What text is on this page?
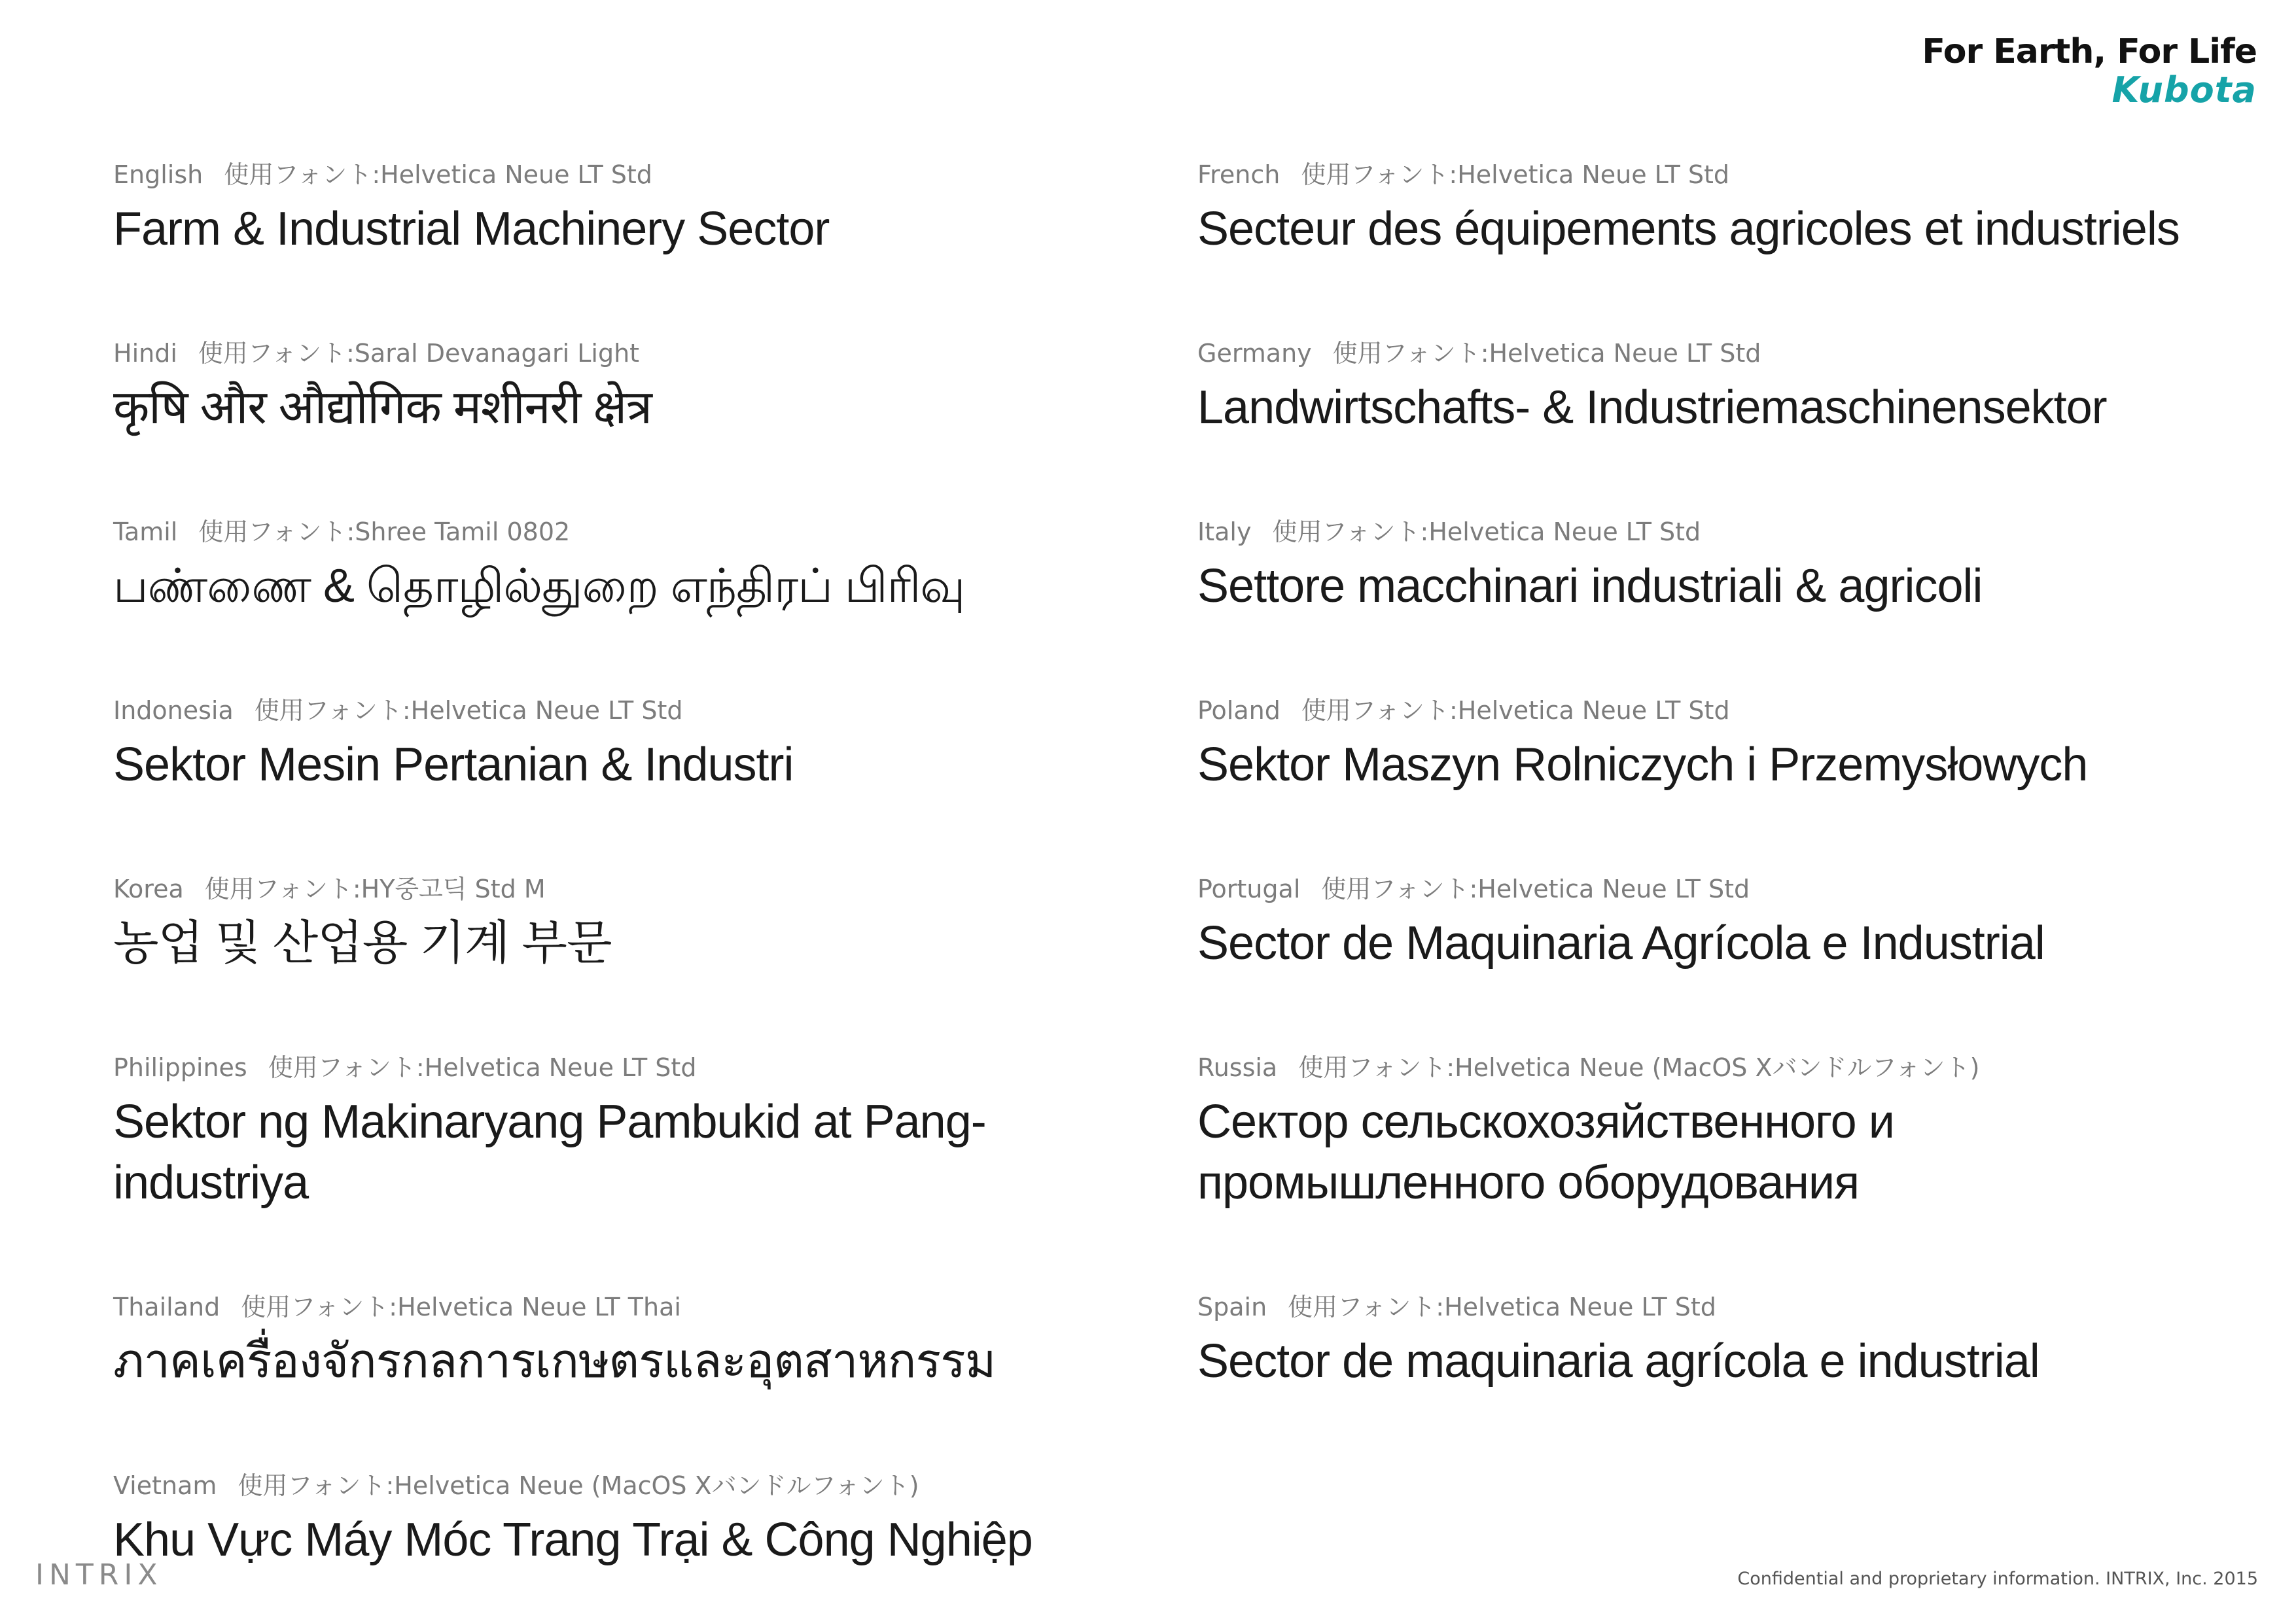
For Earth, For Life
Kubota
English 使用フォント:Helvetica Neue LT Std
Farm & Industrial Machinery Sector
Hindi 使用フォント:Saral Devanagari Light
कृषि और औद्योगिक मशीनरी क्षेत्र
Tamil 使用フォント:Shree Tamil 0802
பண்ணை & தொழில்துறை எந்திரப் பிரிவு
Indonesia 使用フォント:Helvetica Neue LT Std
Sektor Mesin Pertanian & Industri
Korea 使用フォント:HY중고딕 Std M
농업 및 산업용 기계 부문
Philippines 使用フォント:Helvetica Neue LT Std
Sektor ng Makinaryang Pambukid at Pang-industriya
Thailand 使用フォント:Helvetica Neue LT Thai
ภาคเครื่องจักรกลการเกษตรและอุตสาหกรรม
Vietnam 使用フォント:Helvetica Neue (MacOS Xバンドルフォント)
Khu Vực Máy Móc Trang Trại & Công Nghiệp
French 使用フォント:Helvetica Neue LT Std
Secteur des équipements agricoles et industriels
Germany 使用フォント:Helvetica Neue LT Std
Landwirtschafts- & Industriemaschinensektor
Italy 使用フォント:Helvetica Neue LT Std
Settore macchinari industriali & agricoli
Poland 使用フォント:Helvetica Neue LT Std
Sektor Maszyn Rolniczych i Przemysłowych
Portugal 使用フォント:Helvetica Neue LT Std
Sector de Maquinaria Agrícola e Industrial
Russia 使用フォント:Helvetica Neue (MacOS Xバンドルフォント)
Сектор сельскохозяйственного и
промышленного оборудования
Spain 使用フォント:Helvetica Neue LT Std
Sector de maquinaria agrícola e industrial
INTRIX	Confidential and proprietary information. INTRIX, Inc. 2015
